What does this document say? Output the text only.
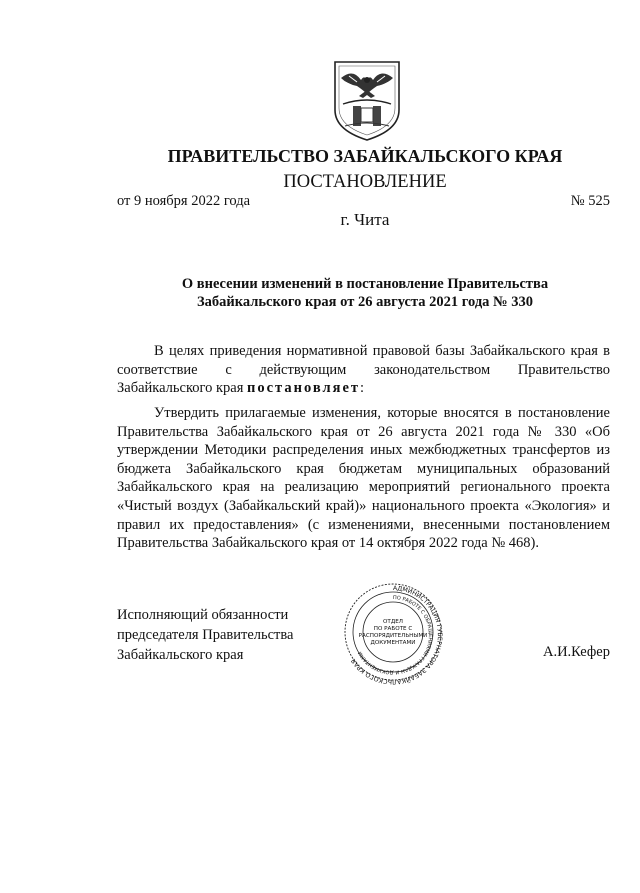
ПРАВИТЕЛЬСТВО ЗАБАЙКАЛЬСКОГО КРАЯ
ПОСТАНОВЛЕНИЕ
от 9 ноября 2022 года	№ 525
г. Чита
О внесении изменений в постановление Правительства
Забайкальского края от 26 августа 2021 года № 330

В целях приведения нормативной правовой базы Забайкальского края в соответствие с действующим законодательством Правительство Забайкальского края постановляет:

Утвердить прилагаемые изменения, которые вносятся в постановление Правительства Забайкальского края от 26 августа 2021 года № 330 «Об утверждении Методики распределения иных межбюджетных трансфертов из бюджета Забайкальского края бюджетам муниципальных образований Забайкальского края на реализацию мероприятий регионального проекта «Чистый воздух (Забайкальский край)» национального проекта «Экология» и правил их предоставления» (с изменениями, внесенными постановлением Правительства Забайкальского края от 14 октября 2022 года № 468).

Исполняющий обязанности
председателя Правительства
Забайкальского края	А.И.Кефер
АДМИНИСТРАЦИЯ ГУБЕРНАТОРА ЗАБАЙКАЛЬСКОГО КРАЯ
ПО РАБОТЕ С ОБРАЩЕНИЯМИ ГРАЖДАН И ДОКУМЕНТАМИ
ОТДЕЛ
ПО РАБОТЕ С
РАСПОРЯДИТЕЛЬНЫМИ
ДОКУМЕНТАМИ
